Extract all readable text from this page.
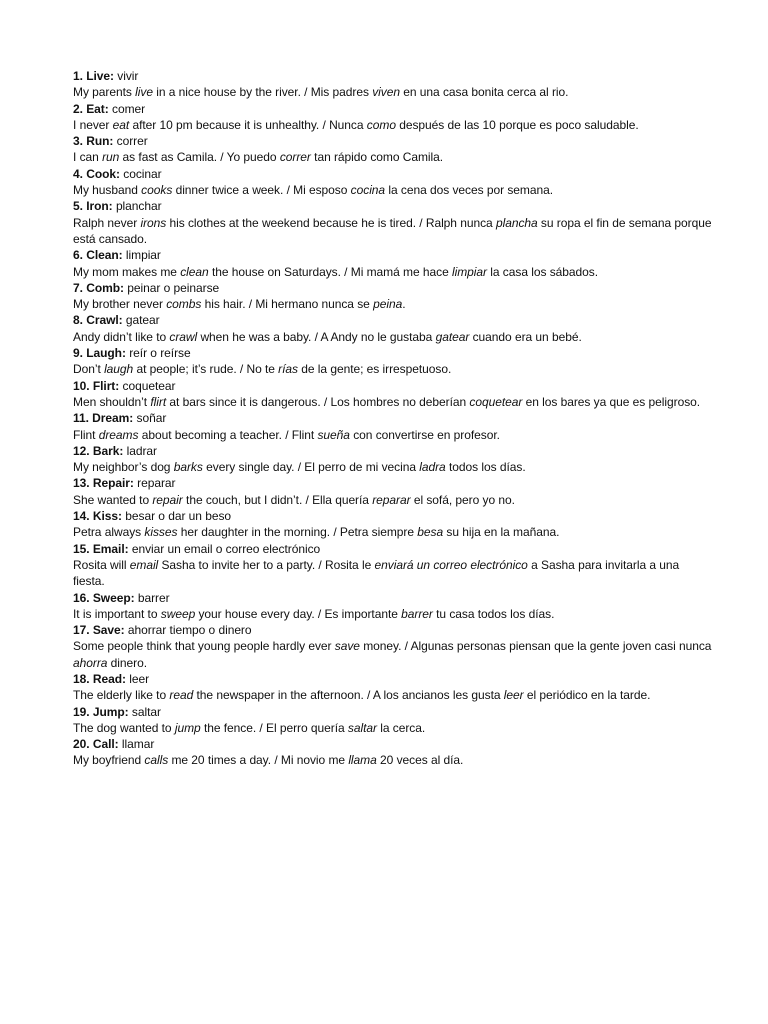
1. Live: vivir
My parents live in a nice house by the river. / Mis padres viven en una casa bonita cerca al rio.
2. Eat: comer
I never eat after 10 pm because it is unhealthy. / Nunca como después de las 10 porque es poco saludable.
3. Run: correr
I can run as fast as Camila. / Yo puedo correr tan rápido como Camila.
4. Cook: cocinar
My husband cooks dinner twice a week. / Mi esposo cocina la cena dos veces por semana.
5. Iron: planchar
Ralph never irons his clothes at the weekend because he is tired. / Ralph nunca plancha su ropa el fin de semana porque está cansado.
6. Clean: limpiar
My mom makes me clean the house on Saturdays. / Mi mamá me hace limpiar la casa los sábados.
7. Comb: peinar o peinarse
My brother never combs his hair. / Mi hermano nunca se peina.
8. Crawl: gatear
Andy didn’t like to crawl when he was a baby. / A Andy no le gustaba gatear cuando era un bebé.
9. Laugh: reír o reírse
Don’t laugh at people; it’s rude. / No te rías de la gente; es irrespetuoso.
10. Flirt: coquetear
Men shouldn’t flirt at bars since it is dangerous. / Los hombres no deberían coquetear en los bares ya que es peligroso.
11. Dream: soñar
Flint dreams about becoming a teacher. / Flint sueña con convertirse en profesor.
12. Bark: ladrar
My neighbor’s dog barks every single day. / El perro de mi vecina ladra todos los días.
13. Repair: reparar
She wanted to repair the couch, but I didn’t. / Ella quería reparar el sofá, pero yo no.
14. Kiss: besar o dar un beso
Petra always kisses her daughter in the morning. / Petra siempre besa su hija en la mañana.
15. Email: enviar un email o correo electrónico
Rosita will email Sasha to invite her to a party. / Rosita le enviará un correo electrónico a Sasha para invitarla a una fiesta.
16. Sweep: barrer
It is important to sweep your house every day. / Es importante barrer tu casa todos los días.
17. Save: ahorrar tiempo o dinero
Some people think that young people hardly ever save money. / Algunas personas piensan que la gente joven casi nunca ahorra dinero.
18. Read: leer
The elderly like to read the newspaper in the afternoon. / A los ancianos les gusta leer el periódico en la tarde.
19. Jump: saltar
The dog wanted to jump the fence. / El perro quería saltar la cerca.
20. Call: llamar
My boyfriend calls me 20 times a day. / Mi novio me llama 20 veces al día.
